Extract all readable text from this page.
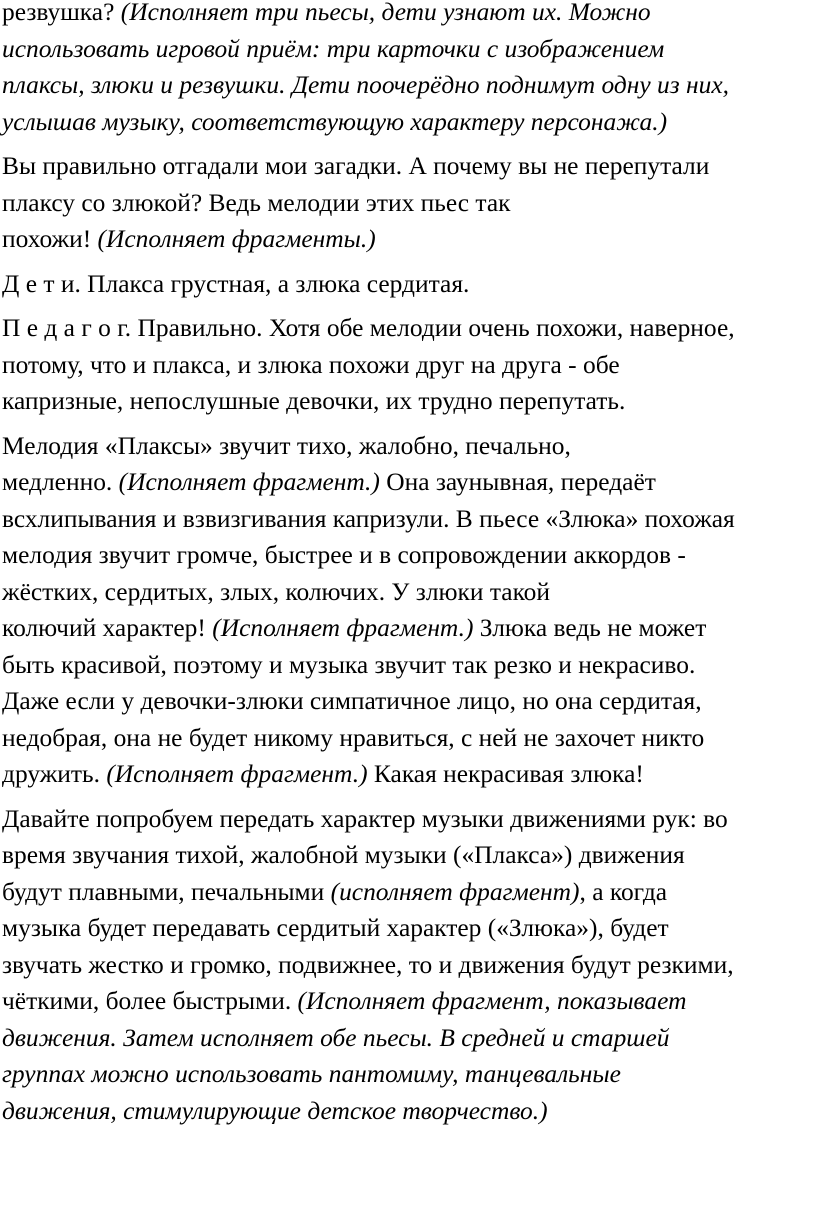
резвушка? (Исполняет три пьесы, дети узнают их. Можно
использовать игровой приём: три карточки с изображением
плаксы, злюки и резвушки. Дети поочерёдно поднимут одну из них,
услышав музыку, соответствующую характеру персонажа.)

Вы правильно отгадали мои загадки. А почему вы не перепутали
плаксу со злюкой? Ведь мелодии этих пьес так
похожи! (Исполняет фрагменты.)

Д е т и. Плакса грустная, а злюка сердитая.

П е д а г о г. Правильно. Хотя обе мелодии очень похожи, наверное,
потому, что и плакса, и злюка похожи друг на друга - обе
капризные, непослушные девочки, их трудно перепутать.

Мелодия «Плаксы» звучит тихо, жалобно, печально,
медленно. (Исполняет фрагмент.) Она заунывная, передаёт
всхлипывания и взвизгивания капризули. В пьесе «Злюка» похожая
мелодия звучит громче, быстрее и в сопровождении аккордов -
жёстких, сердитых, злых, колючих. У злюки такой
колючий характер! (Исполняет фрагмент.) Злюка ведь не может
быть красивой, поэтому и музыка звучит так резко и некрасиво.
Даже если у девочки-злюки симпатичное лицо, но она сердитая,
недобрая, она не будет никому нравиться, с ней не захочет никто
дружить. (Исполняет фрагмент.) Какая некрасивая злюка!

Давайте попробуем передать характер музыки движениями рук: во
время звучания тихой, жалобной музыки («Плакса») движения
будут плавными, печальными (исполняет фрагмент), а когда
музыка будет передавать сердитый характер («Злюка»), будет
звучать жестко и громко, подвижнее, то и движения будут резкими,
чёткими, более быстрыми. (Исполняет фрагмент, показывает
движения. Затем исполняет обе пьесы. В средней и старшей
группах можно использовать пантомиму, танцевальные
движения, стимулирующие детское творчество.)
